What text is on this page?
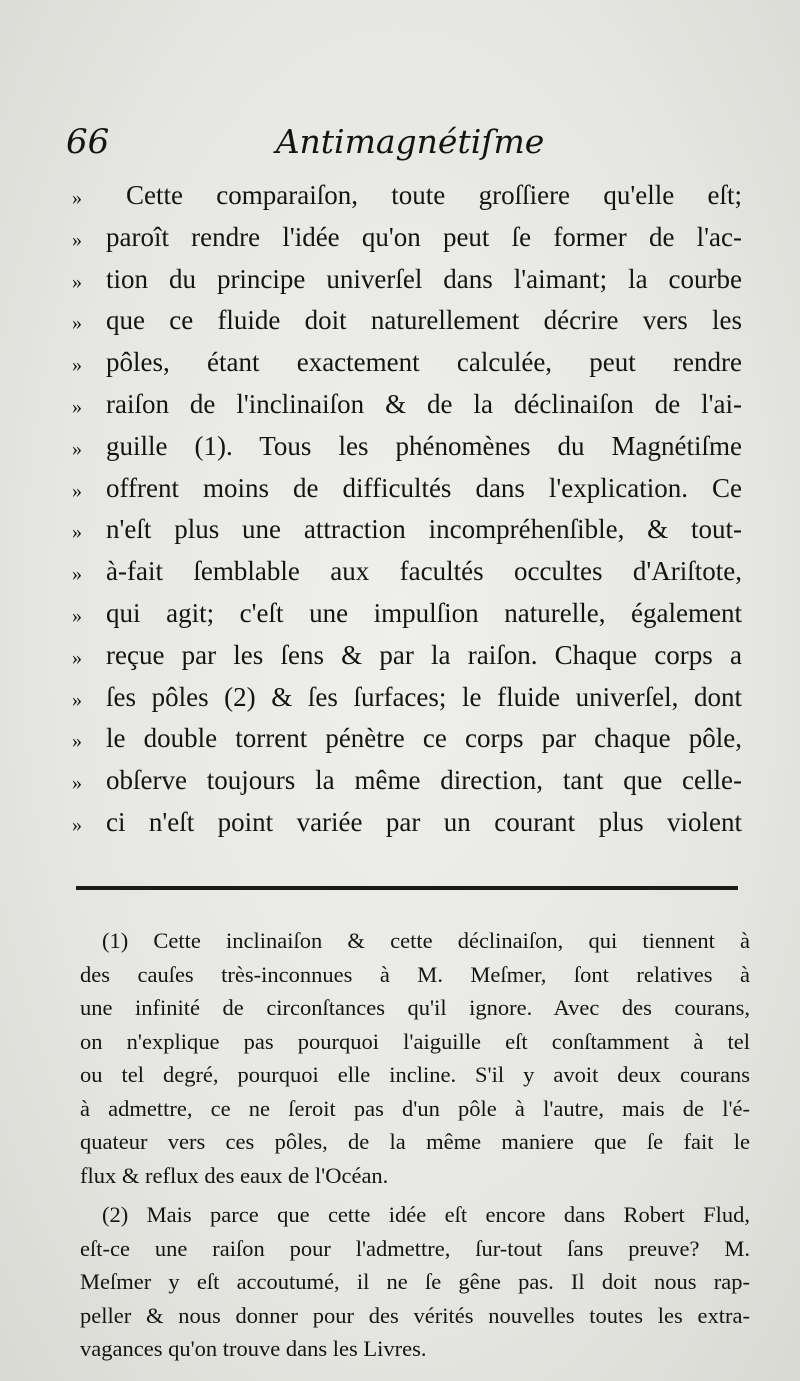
66	Antimagnétiſme
»	Cette comparaiſon, toute groſſiere qu'elle eſt;
» paroît rendre l'idée qu'on peut ſe former de l'ac-
» tion du principe univerſel dans l'aimant; la courbe
» que ce fluide doit naturellement décrire vers les
» pôles, étant exactement calculée, peut rendre
» raiſon de l'inclinaiſon & de la déclinaiſon de l'ai-
» guille (1). Tous les phénomènes du Magnétiſme
» offrent moins de difficultés dans l'explication. Ce
» n'eſt plus une attraction incompréhenſible, & tout-
» à-fait ſemblable aux facultés occultes d'Ariſtote,
» qui agit; c'eſt une impulſion naturelle, également
» reçue par les ſens & par la raiſon. Chaque corps a
» ſes pôles (2) & ſes ſurfaces; le fluide univerſel, dont
» le double torrent pénètre ce corps par chaque pôle,
» obſerve toujours la même direction, tant que celle-
» ci n'eſt point variée par un courant plus violent
(1) Cette inclinaiſon & cette déclinaiſon, qui tiennent à
des cauſes très-inconnues à M. Meſmer, ſont relatives à
une infinité de circonſtances qu'il ignore. Avec des courans,
on n'explique pas pourquoi l'aiguille eſt conſtamment à tel
ou tel degré, pourquoi elle incline. S'il y avoit deux courans
à admettre, ce ne ſeroit pas d'un pôle à l'autre, mais de l'é-
quateur vers ces pôles, de la même maniere que ſe fait le
flux & reflux des eaux de l'Océan.
(2) Mais parce que cette idée eſt encore dans Robert Flud,
eſt-ce une raiſon pour l'admettre, ſur-tout ſans preuve? M.
Meſmer y eſt accoutumé, il ne ſe gêne pas. Il doit nous rap-
peller & nous donner pour des vérités nouvelles toutes les extra-
vagances qu'on trouve dans les Livres.
